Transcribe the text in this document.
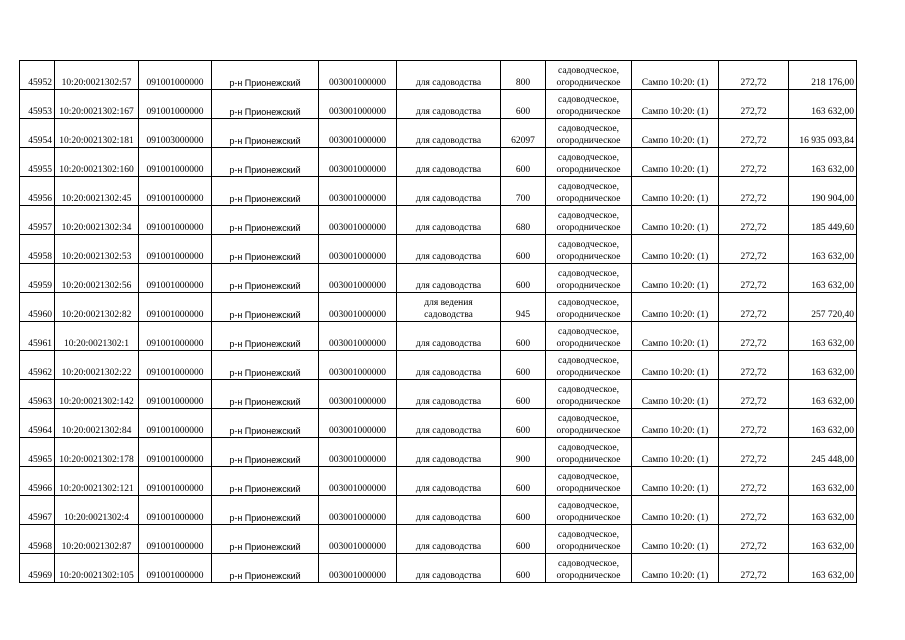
45952	10:20:0021302:57	091001000000	р-н Прионежский	003001000000	для садоводства	800	садоводческое,
огородническое	Сампо 10:20: (1)	272,72	218 176,00
45953	10:20:0021302:167	091001000000	р-н Прионежский	003001000000	для садоводства	600	садоводческое,
огородническое	Сампо 10:20: (1)	272,72	163 632,00
45954	10:20:0021302:181	091003000000	р-н Прионежский	003001000000	для садоводства	62097	садоводческое,
огородническое	Сампо 10:20: (1)	272,72	16 935 093,84
45955	10:20:0021302:160	091001000000	р-н Прионежский	003001000000	для садоводства	600	садоводческое,
огородническое	Сампо 10:20: (1)	272,72	163 632,00
45956	10:20:0021302:45	091001000000	р-н Прионежский	003001000000	для садоводства	700	садоводческое,
огородническое	Сампо 10:20: (1)	272,72	190 904,00
45957	10:20:0021302:34	091001000000	р-н Прионежский	003001000000	для садоводства	680	садоводческое,
огородническое	Сампо 10:20: (1)	272,72	185 449,60
45958	10:20:0021302:53	091001000000	р-н Прионежский	003001000000	для садоводства	600	садоводческое,
огородническое	Сампо 10:20: (1)	272,72	163 632,00
45959	10:20:0021302:56	091001000000	р-н Прионежский	003001000000	для садоводства	600	садоводческое,
огородническое	Сампо 10:20: (1)	272,72	163 632,00
45960	10:20:0021302:82	091001000000	р-н Прионежский	003001000000	для ведения
садоводства	945	садоводческое,
огородническое	Сампо 10:20: (1)	272,72	257 720,40
45961	10:20:0021302:1	091001000000	р-н Прионежский	003001000000	для садоводства	600	садоводческое,
огородническое	Сампо 10:20: (1)	272,72	163 632,00
45962	10:20:0021302:22	091001000000	р-н Прионежский	003001000000	для садоводства	600	садоводческое,
огородническое	Сампо 10:20: (1)	272,72	163 632,00
45963	10:20:0021302:142	091001000000	р-н Прионежский	003001000000	для садоводства	600	садоводческое,
огородническое	Сампо 10:20: (1)	272,72	163 632,00
45964	10:20:0021302:84	091001000000	р-н Прионежский	003001000000	для садоводства	600	садоводческое,
огородническое	Сампо 10:20: (1)	272,72	163 632,00
45965	10:20:0021302:178	091001000000	р-н Прионежский	003001000000	для садоводства	900	садоводческое,
огородническое	Сампо 10:20: (1)	272,72	245 448,00
45966	10:20:0021302:121	091001000000	р-н Прионежский	003001000000	для садоводства	600	садоводческое,
огородническое	Сампо 10:20: (1)	272,72	163 632,00
45967	10:20:0021302:4	091001000000	р-н Прионежский	003001000000	для садоводства	600	садоводческое,
огородническое	Сампо 10:20: (1)	272,72	163 632,00
45968	10:20:0021302:87	091001000000	р-н Прионежский	003001000000	для садоводства	600	садоводческое,
огородническое	Сампо 10:20: (1)	272,72	163 632,00
45969	10:20:0021302:105	091001000000	р-н Прионежский	003001000000	для садоводства	600	садоводческое,
огородническое	Сампо 10:20: (1)	272,72	163 632,00
